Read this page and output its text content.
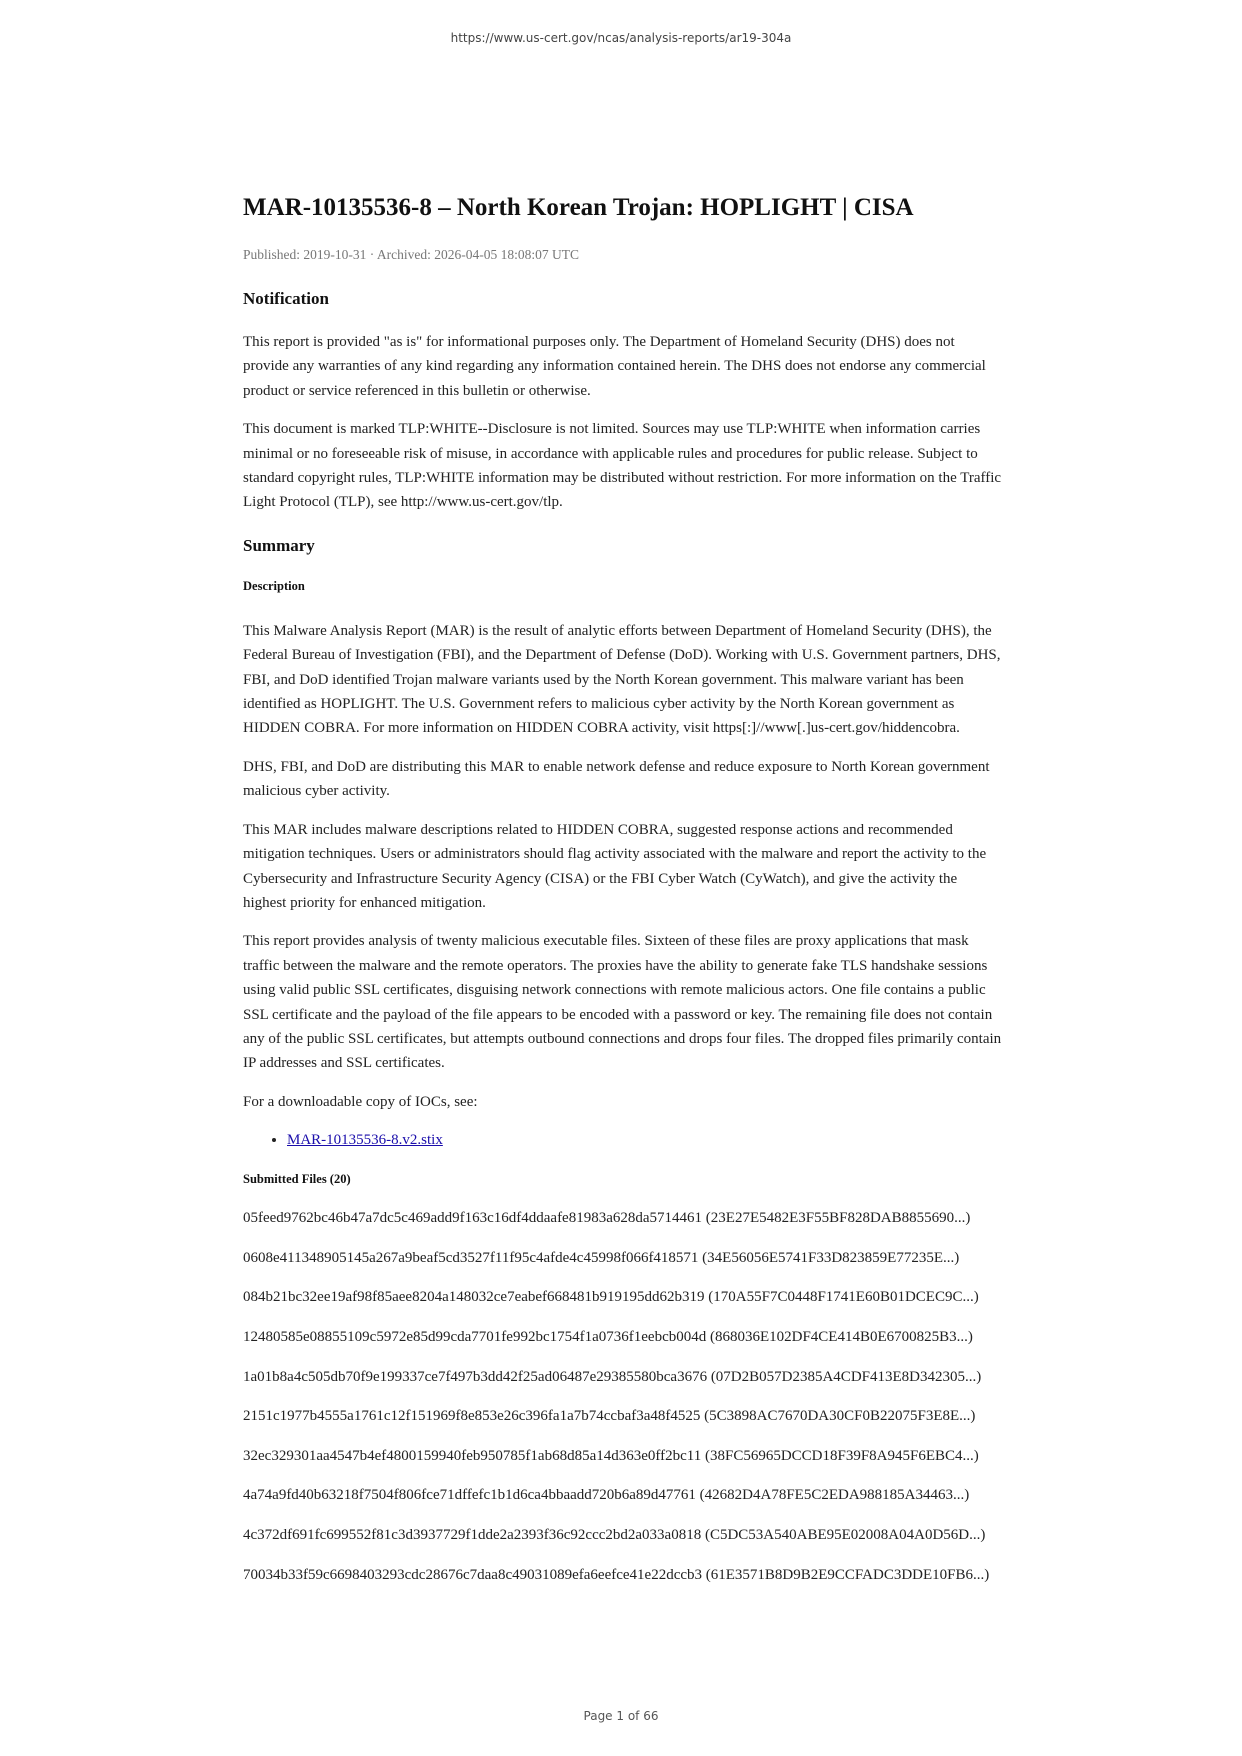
https://www.us-cert.gov/ncas/analysis-reports/ar19-304a
MAR-10135536-8 – North Korean Trojan: HOPLIGHT | CISA
Published: 2019-10-31 · Archived: 2026-04-05 18:08:07 UTC
Notification

This report is provided "as is" for informational purposes only. The Department of Homeland Security (DHS) does not provide any warranties of any kind regarding any information contained herein. The DHS does not endorse any commercial product or service referenced in this bulletin or otherwise.

This document is marked TLP:WHITE--Disclosure is not limited. Sources may use TLP:WHITE when information carries minimal or no foreseeable risk of misuse, in accordance with applicable rules and procedures for public release. Subject to standard copyright rules, TLP:WHITE information may be distributed without restriction. For more information on the Traffic Light Protocol (TLP), see http://www.us-cert.gov/tlp.

Summary
Description

This Malware Analysis Report (MAR) is the result of analytic efforts between Department of Homeland Security (DHS), the Federal Bureau of Investigation (FBI), and the Department of Defense (DoD). Working with U.S. Government partners, DHS, FBI, and DoD identified Trojan malware variants used by the North Korean government. This malware variant has been identified as HOPLIGHT. The U.S. Government refers to malicious cyber activity by the North Korean government as HIDDEN COBRA. For more information on HIDDEN COBRA activity, visit https[:]//www[.]us-cert.gov/hiddencobra.

DHS, FBI, and DoD are distributing this MAR to enable network defense and reduce exposure to North Korean government malicious cyber activity.

This MAR includes malware descriptions related to HIDDEN COBRA, suggested response actions and recommended mitigation techniques. Users or administrators should flag activity associated with the malware and report the activity to the Cybersecurity and Infrastructure Security Agency (CISA) or the FBI Cyber Watch (CyWatch), and give the activity the highest priority for enhanced mitigation.

This report provides analysis of twenty malicious executable files. Sixteen of these files are proxy applications that mask traffic between the malware and the remote operators. The proxies have the ability to generate fake TLS handshake sessions using valid public SSL certificates, disguising network connections with remote malicious actors. One file contains a public SSL certificate and the payload of the file appears to be encoded with a password or key. The remaining file does not contain any of the public SSL certificates, but attempts outbound connections and drops four files. The dropped files primarily contain IP addresses and SSL certificates.

For a downloadable copy of IOCs, see:

• MAR-10135536-8.v2.stix
Submitted Files (20)
05feed9762bc46b47a7dc5c469add9f163c16df4ddaafe81983a628da5714461 (23E27E5482E3F55BF828DAB8855690...)
0608e411348905145a267a9beaf5cd3527f11f95c4afde4c45998f066f418571 (34E56056E5741F33D823859E77235E...)
084b21bc32ee19af98f85aee8204a148032ce7eabef668481b919195dd62b319 (170A55F7C0448F1741E60B01DCEC9C...)
12480585e08855109c5972e85d99cda7701fe992bc1754f1a0736f1eebcb004d (868036E102DF4CE414B0E6700825B3...)
1a01b8a4c505db70f9e199337ce7f497b3dd42f25ad06487e29385580bca3676 (07D2B057D2385A4CDF413E8D342305...)
2151c1977b4555a1761c12f151969f8e853e26c396fa1a7b74ccbaf3a48f4525 (5C3898AC7670DA30CF0B22075F3E8E...)
32ec329301aa4547b4ef4800159940feb950785f1ab68d85a14d363e0ff2bc11 (38FC56965DCCD18F39F8A945F6EBC4...)
4a74a9fd40b63218f7504f806fce71dffefc1b1d6ca4bbaadd720b6a89d47761 (42682D4A78FE5C2EDA988185A34463...)
4c372df691fc699552f81c3d3937729f1dde2a2393f36c92ccc2bd2a033a0818 (C5DC53A540ABE95E02008A04A0D56D...)
70034b33f59c6698403293cdc28676c7daa8c49031089efa6eefce41e22dccb3 (61E3571B8D9B2E9CCFADC3DDE10FB6...)
Page 1 of 66
